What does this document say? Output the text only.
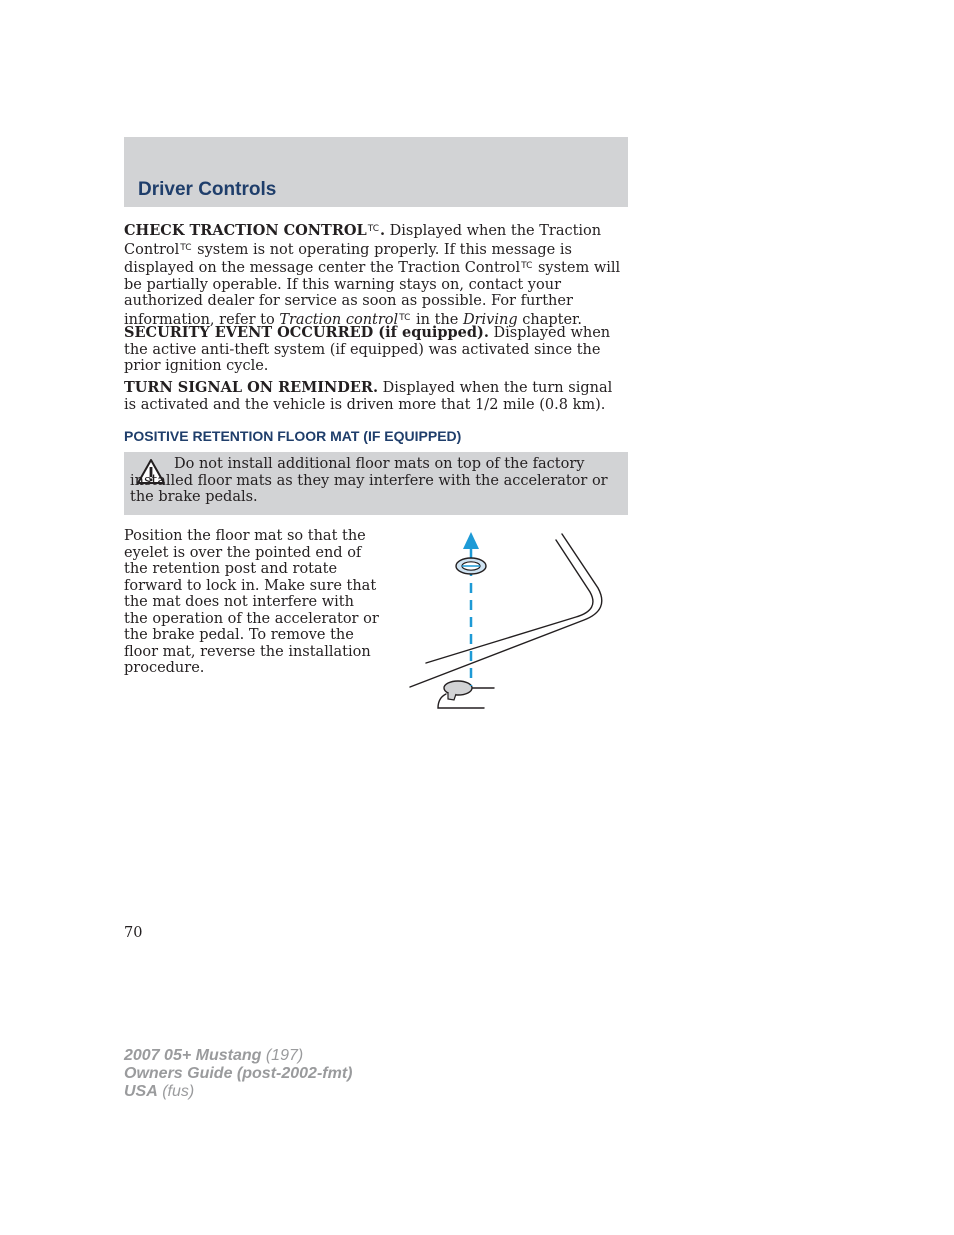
Driver Controls

CHECK TRACTION CONTROLTC. Displayed when the Traction ControlTC system is not operating properly. If this message is displayed on the message center the Traction ControlTC system will be partially operable. If this warning stays on, contact your authorized dealer for service as soon as possible. For further information, refer to Traction controlTC in the Driving chapter.

SECURITY EVENT OCCURRED (if equipped). Displayed when the active anti-theft system (if equipped) was activated since the prior ignition cycle.

TURN SIGNAL ON REMINDER. Displayed when the turn signal is activated and the vehicle is driven more that 1/2 mile (0.8 km).

POSITIVE RETENTION FLOOR MAT (IF EQUIPPED)

Do not install additional floor mats on top of the factory installed floor mats as they may interfere with the accelerator or the brake pedals.

Position the floor mat so that the eyelet is over the pointed end of the retention post and rotate forward to lock in. Make sure that the mat does not interfere with the operation of the accelerator or the brake pedal. To remove the floor mat, reverse the installation procedure.

70

2007 05+ Mustang (197)
Owners Guide (post-2002-fmt)
USA (fus)
